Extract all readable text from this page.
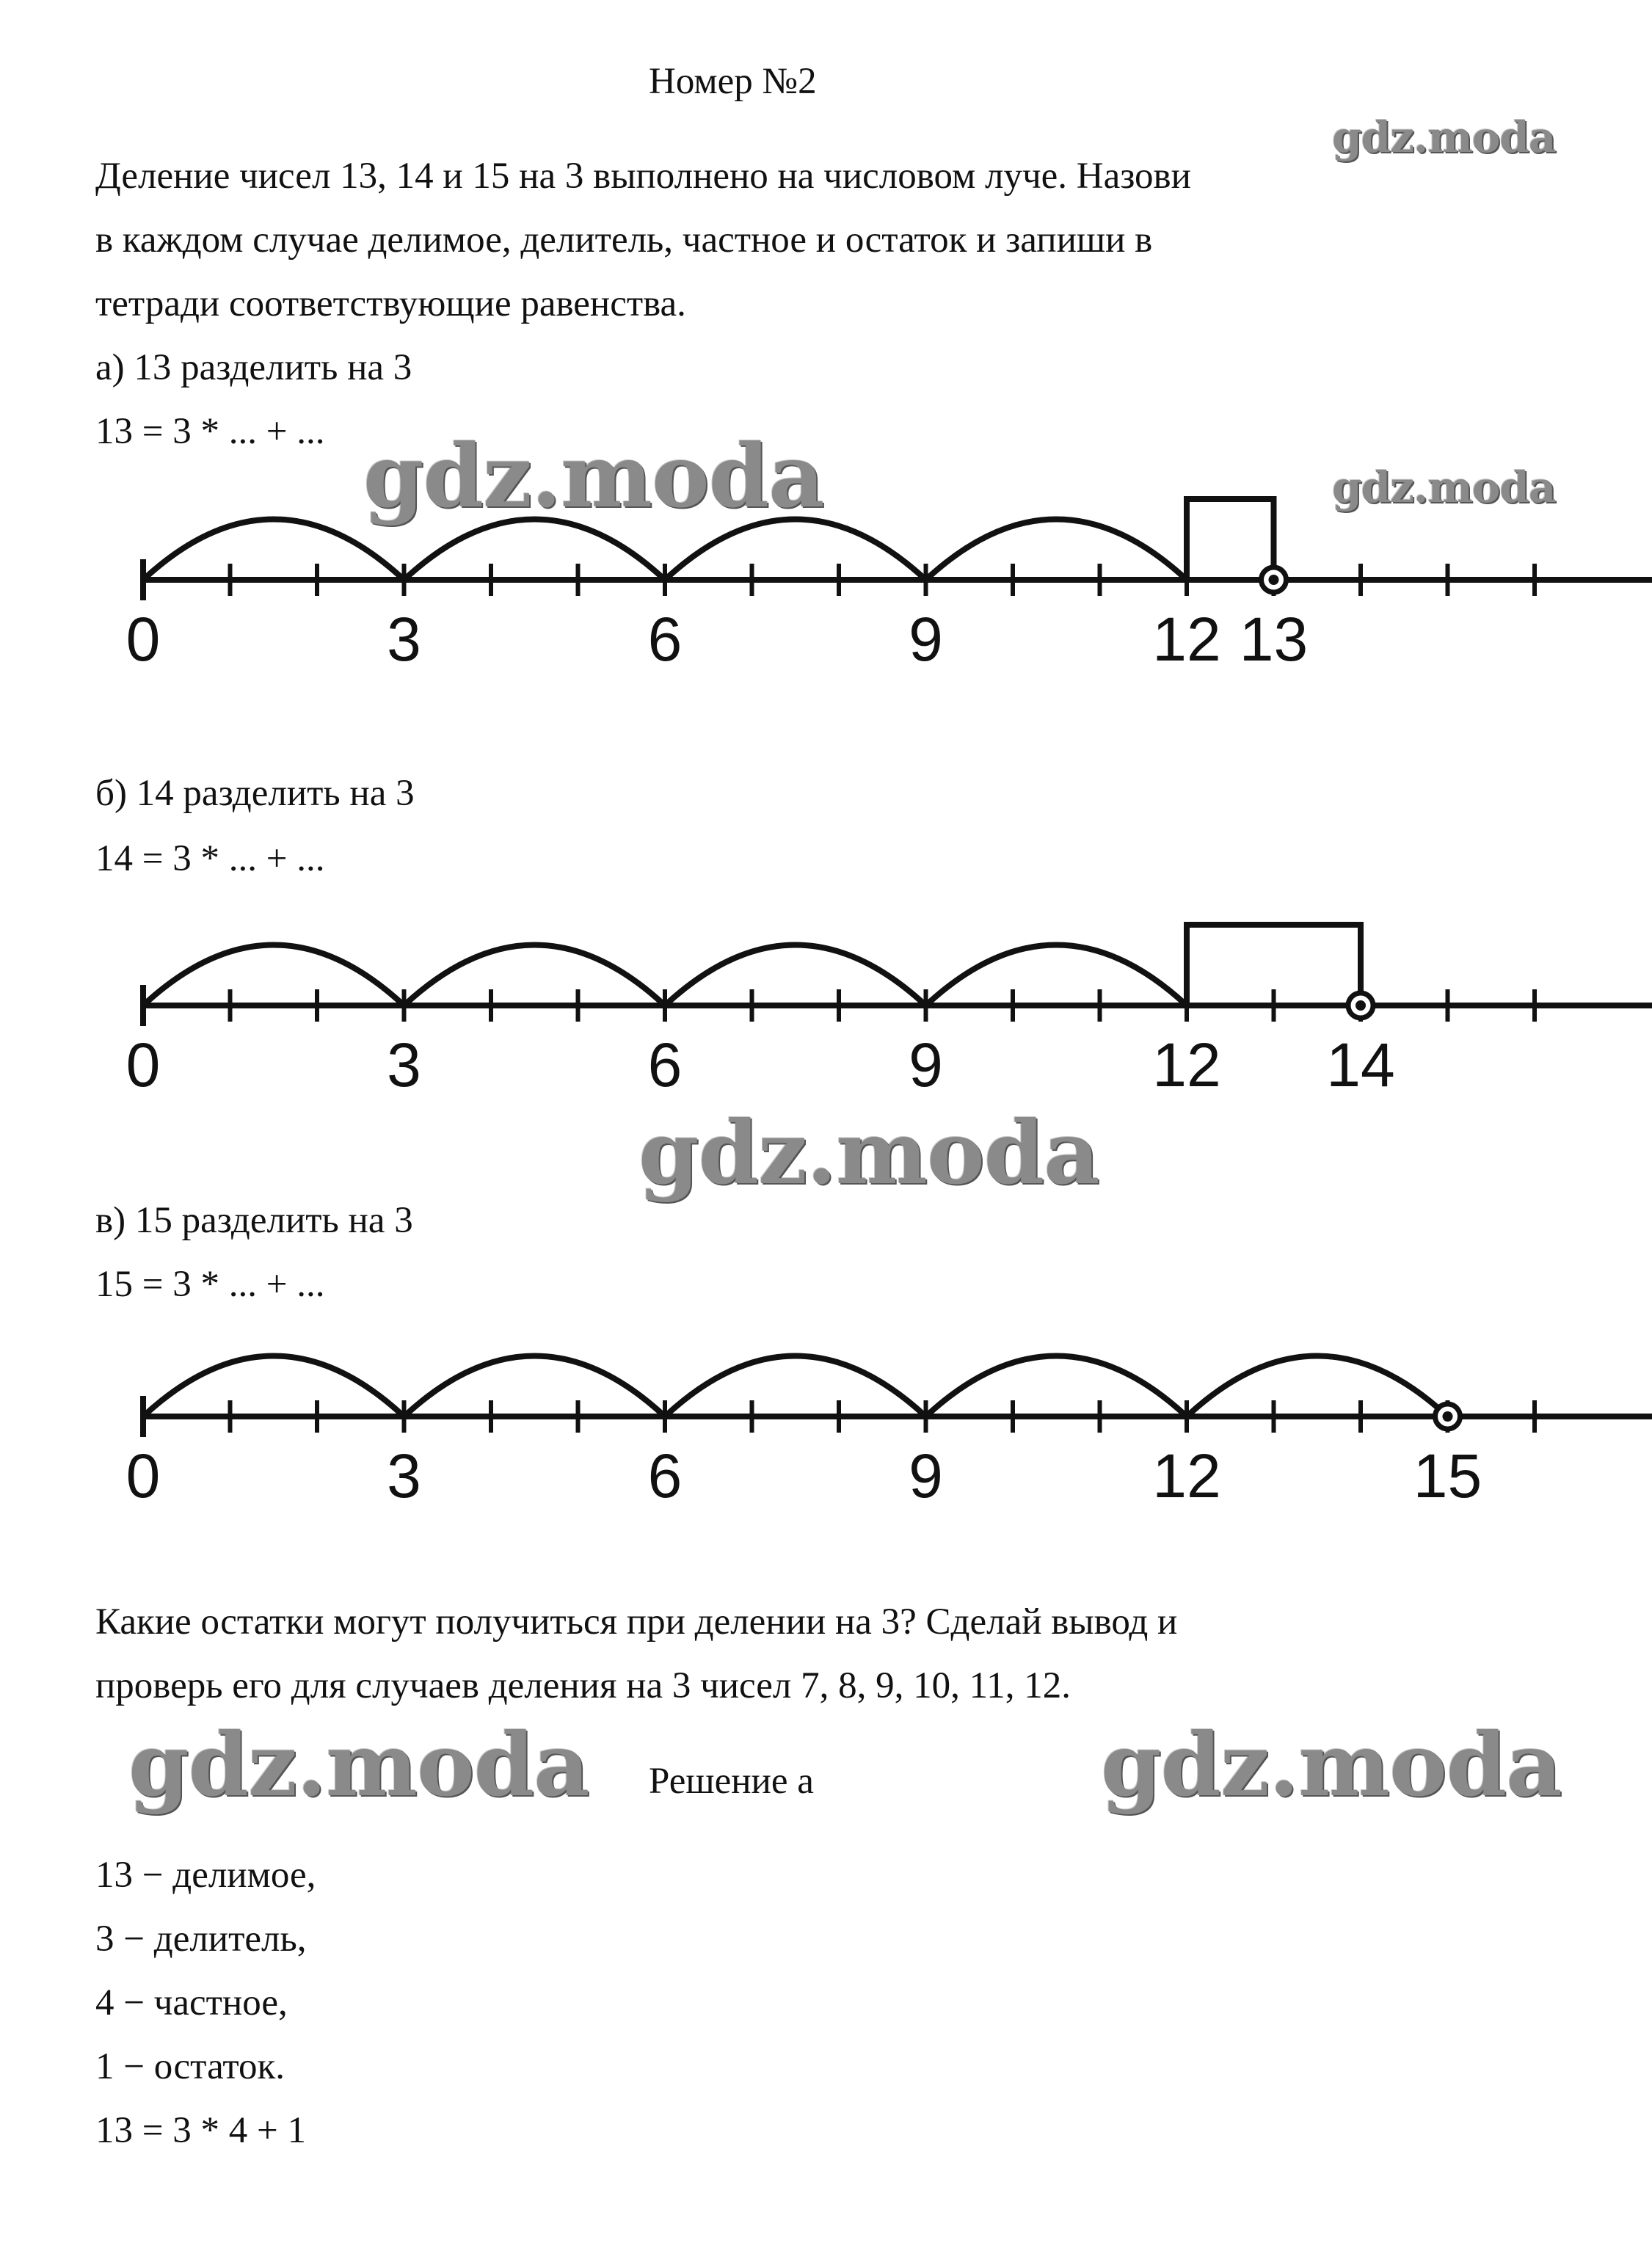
Номер №2
gdz.moda
gdz.moda	gdz.moda
gdz.moda
gdz.moda	gdz.moda
Деление чисел 13, 14 и 15 на 3 выполнено на числовом луче. Назови
в каждом случае делимое, делитель, частное и остаток и запиши в
тетради соответствующие равенства.
а) 13 разделить на 3
13 = 3 * ... + ...
0	3	6	9	12 13
б) 14 разделить на 3
14 = 3 * ... + ...
0	3	6	9	12 14
в) 15 разделить на 3
15 = 3 * ... + ...
0	3	6	9	12	15
Какие остатки могут получиться при делении на 3? Сделай вывод и
проверь его для случаев деления на 3 чисел 7, 8, 9, 10, 11, 12.
Решение а
13 − делимое,
3 − делитель,
4 − частное,
1 − остаток.
13 = 3 * 4 + 1
